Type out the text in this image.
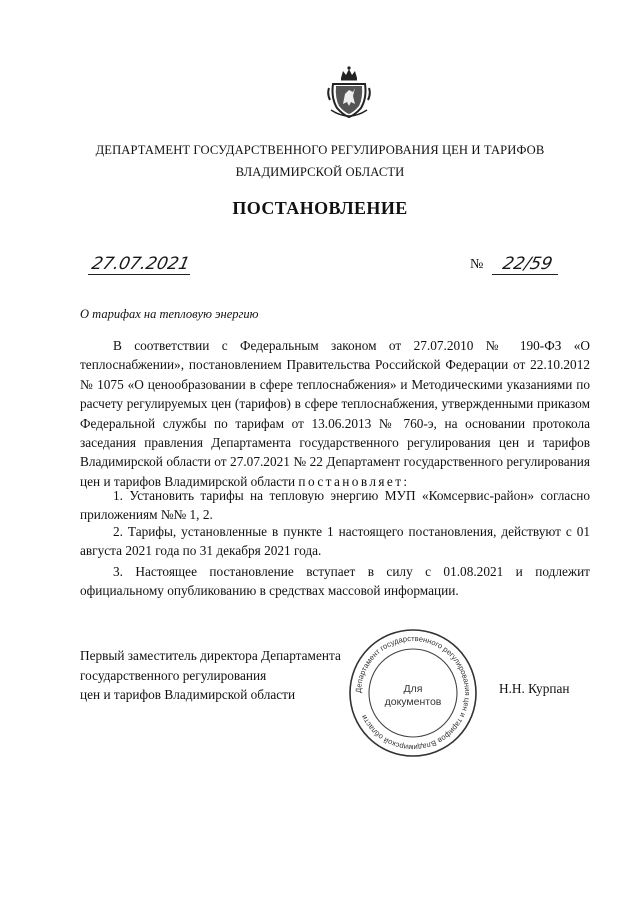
ДЕПАРТАМЕНТ ГОСУДАРСТВЕННОГО РЕГУЛИРОВАНИЯ ЦЕН И ТАРИФОВ
ВЛАДИМИРСКОЙ ОБЛАСТИ
ПОСТАНОВЛЕНИЕ
27.07.2021	№ 22/59
О тарифах на тепловую энергию

В соответствии с Федеральным законом от 27.07.2010 № 190-ФЗ «О теплоснабжении», постановлением Правительства Российской Федерации от 22.10.2012 № 1075 «О ценообразовании в сфере теплоснабжения» и Методическими указаниями по расчету регулируемых цен (тарифов) в сфере теплоснабжения, утвержденными приказом Федеральной службы по тарифам от 13.06.2013 № 760-э, на основании протокола заседания правления Департамента государственного регулирования цен и тарифов Владимирской области от 27.07.2021 № 22 Департамент государственного регулирования цен и тарифов Владимирской области постановляет:

1. Установить тарифы на тепловую энергию МУП «Комсервис-район» согласно приложениям №№ 1, 2.

2. Тарифы, установленные в пункте 1 настоящего постановления, действуют с 01 августа 2021 года по 31 декабря 2021 года.

3. Настоящее постановление вступает в силу с 01.08.2021 и подлежит официальному опубликованию в средствах массовой информации.

Первый заместитель директора Департамента
государственного регулирования
цен и тарифов Владимирской области	Департамент государственного регулирования цен и тарифов Владимирской области
Для
документов
Н.Н. Курпан
